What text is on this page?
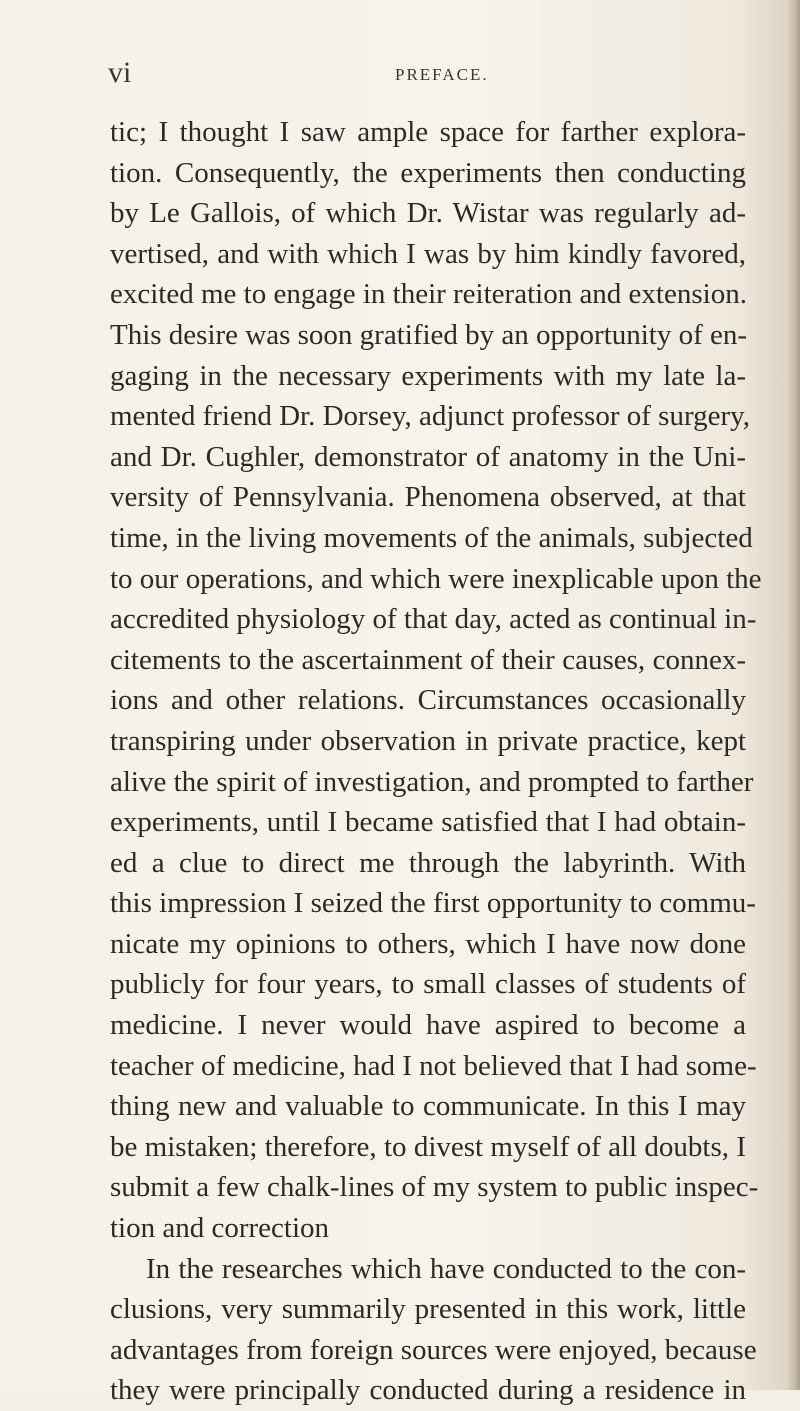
vi	PREFACE.
tic; I thought I saw ample space for farther explora-
tion. Consequently, the experiments then conducting
by Le Gallois, of which Dr. Wistar was regularly ad-
vertised, and with which I was by him kindly favored,
excited me to engage in their reiteration and extension.
This desire was soon gratified by an opportunity of en-
gaging in the necessary experiments with my late la-
mented friend Dr. Dorsey, adjunct professor of surgery,
and Dr. Cughler, demonstrator of anatomy in the Uni-
versity of Pennsylvania. Phenomena observed, at that
time, in the living movements of the animals, subjected
to our operations, and which were inexplicable upon the
accredited physiology of that day, acted as continual in-
citements to the ascertainment of their causes, connex-
ions and other relations. Circumstances occasionally
transpiring under observation in private practice, kept
alive the spirit of investigation, and prompted to farther
experiments, until I became satisfied that I had obtain-
ed a clue to direct me through the labyrinth. With
this impression I seized the first opportunity to commu-
nicate my opinions to others, which I have now done
publicly for four years, to small classes of students of
medicine. I never would have aspired to become a
teacher of medicine, had I not believed that I had some-
thing new and valuable to communicate. In this I may
be mistaken; therefore, to divest myself of all doubts, I
submit a few chalk-lines of my system to public inspec-
tion and correction
In the researches which have conducted to the con-
clusions, very summarily presented in this work, little
advantages from foreign sources were enjoyed, because
they were principally conducted during a residence in
